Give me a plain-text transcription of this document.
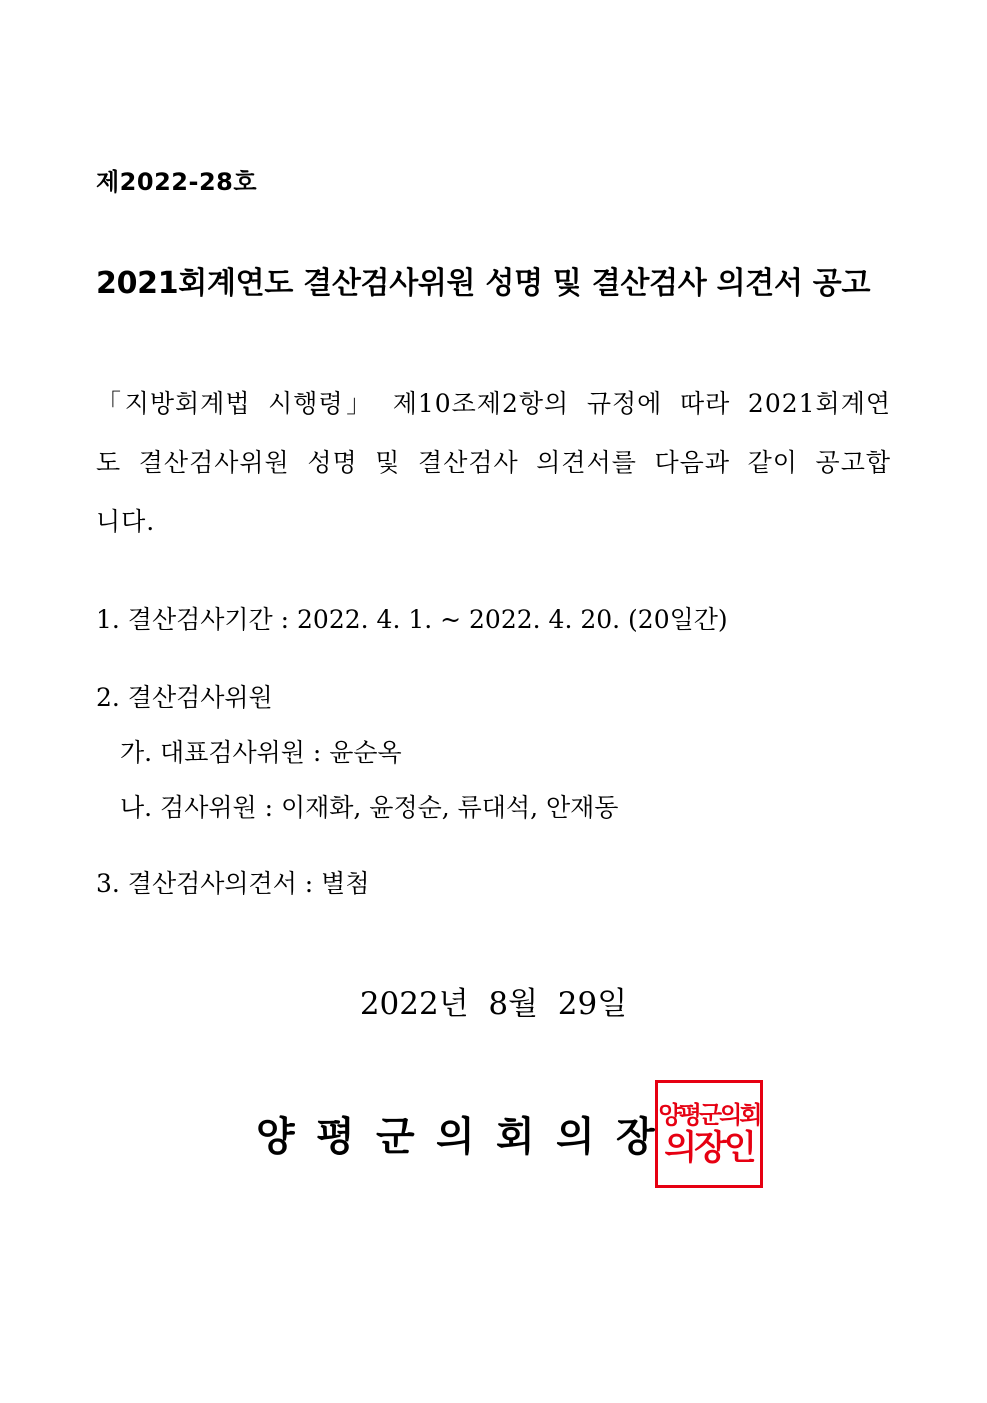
제2022-28호
2021회계연도 결산검사위원 성명 및 결산검사 의견서 공고
「지방회계법 시행령」 제10조제2항의 규정에 따라 2021회계연도 결산검사위원 성명 및 결산검사 의견서를 다음과 같이 공고합니다.
1. 결산검사기간 : 2022. 4. 1. ~ 2022. 4. 20. (20일간)
2. 결산검사위원
가. 대표검사위원 : 윤순옥
나. 검사위원 : 이재화, 윤정순, 류대석, 안재동
3. 결산검사의견서 : 별첨
2022년  8월  29일
양 평 군 의 회 의 장 양평군의회
의장인
